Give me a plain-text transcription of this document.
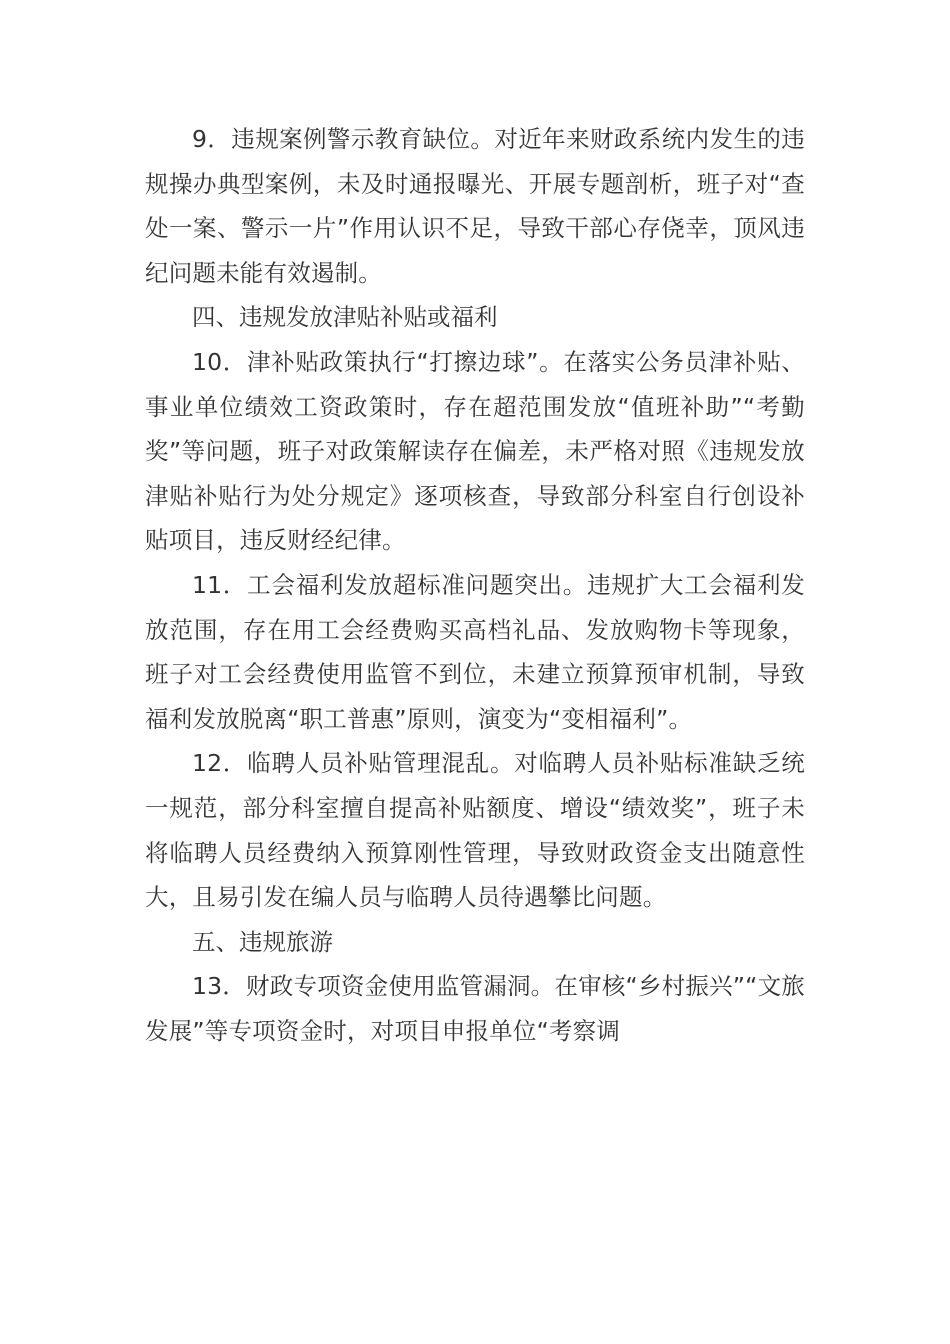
9．违规案例警示教育缺位。对近年来财政系统内发生的违规操办典型案例，未及时通报曝光、开展专题剖析，班子对“查处一案、警示一片”作用认识不足，导致干部心存侥幸，顶风违纪问题未能有效遏制。

四、违规发放津贴补贴或福利

10．津补贴政策执行“打擦边球”。在落实公务员津补贴、事业单位绩效工资政策时，存在超范围发放“值班补助”“考勤奖”等问题，班子对政策解读存在偏差，未严格对照《违规发放津贴补贴行为处分规定》逐项核查，导致部分科室自行创设补贴项目，违反财经纪律。

11．工会福利发放超标准问题突出。违规扩大工会福利发放范围，存在用工会经费购买高档礼品、发放购物卡等现象，班子对工会经费使用监管不到位，未建立预算预审机制，导致福利发放脱离“职工普惠”原则，演变为“变相福利”。

12．临聘人员补贴管理混乱。对临聘人员补贴标准缺乏统一规范，部分科室擅自提高补贴额度、增设“绩效奖”，班子未将临聘人员经费纳入预算刚性管理，导致财政资金支出随意性大，且易引发在编人员与临聘人员待遇攀比问题。

五、违规旅游

13．财政专项资金使用监管漏洞。在审核“乡村振兴”“文旅发展”等专项资金时，对项目申报单位“考察调
